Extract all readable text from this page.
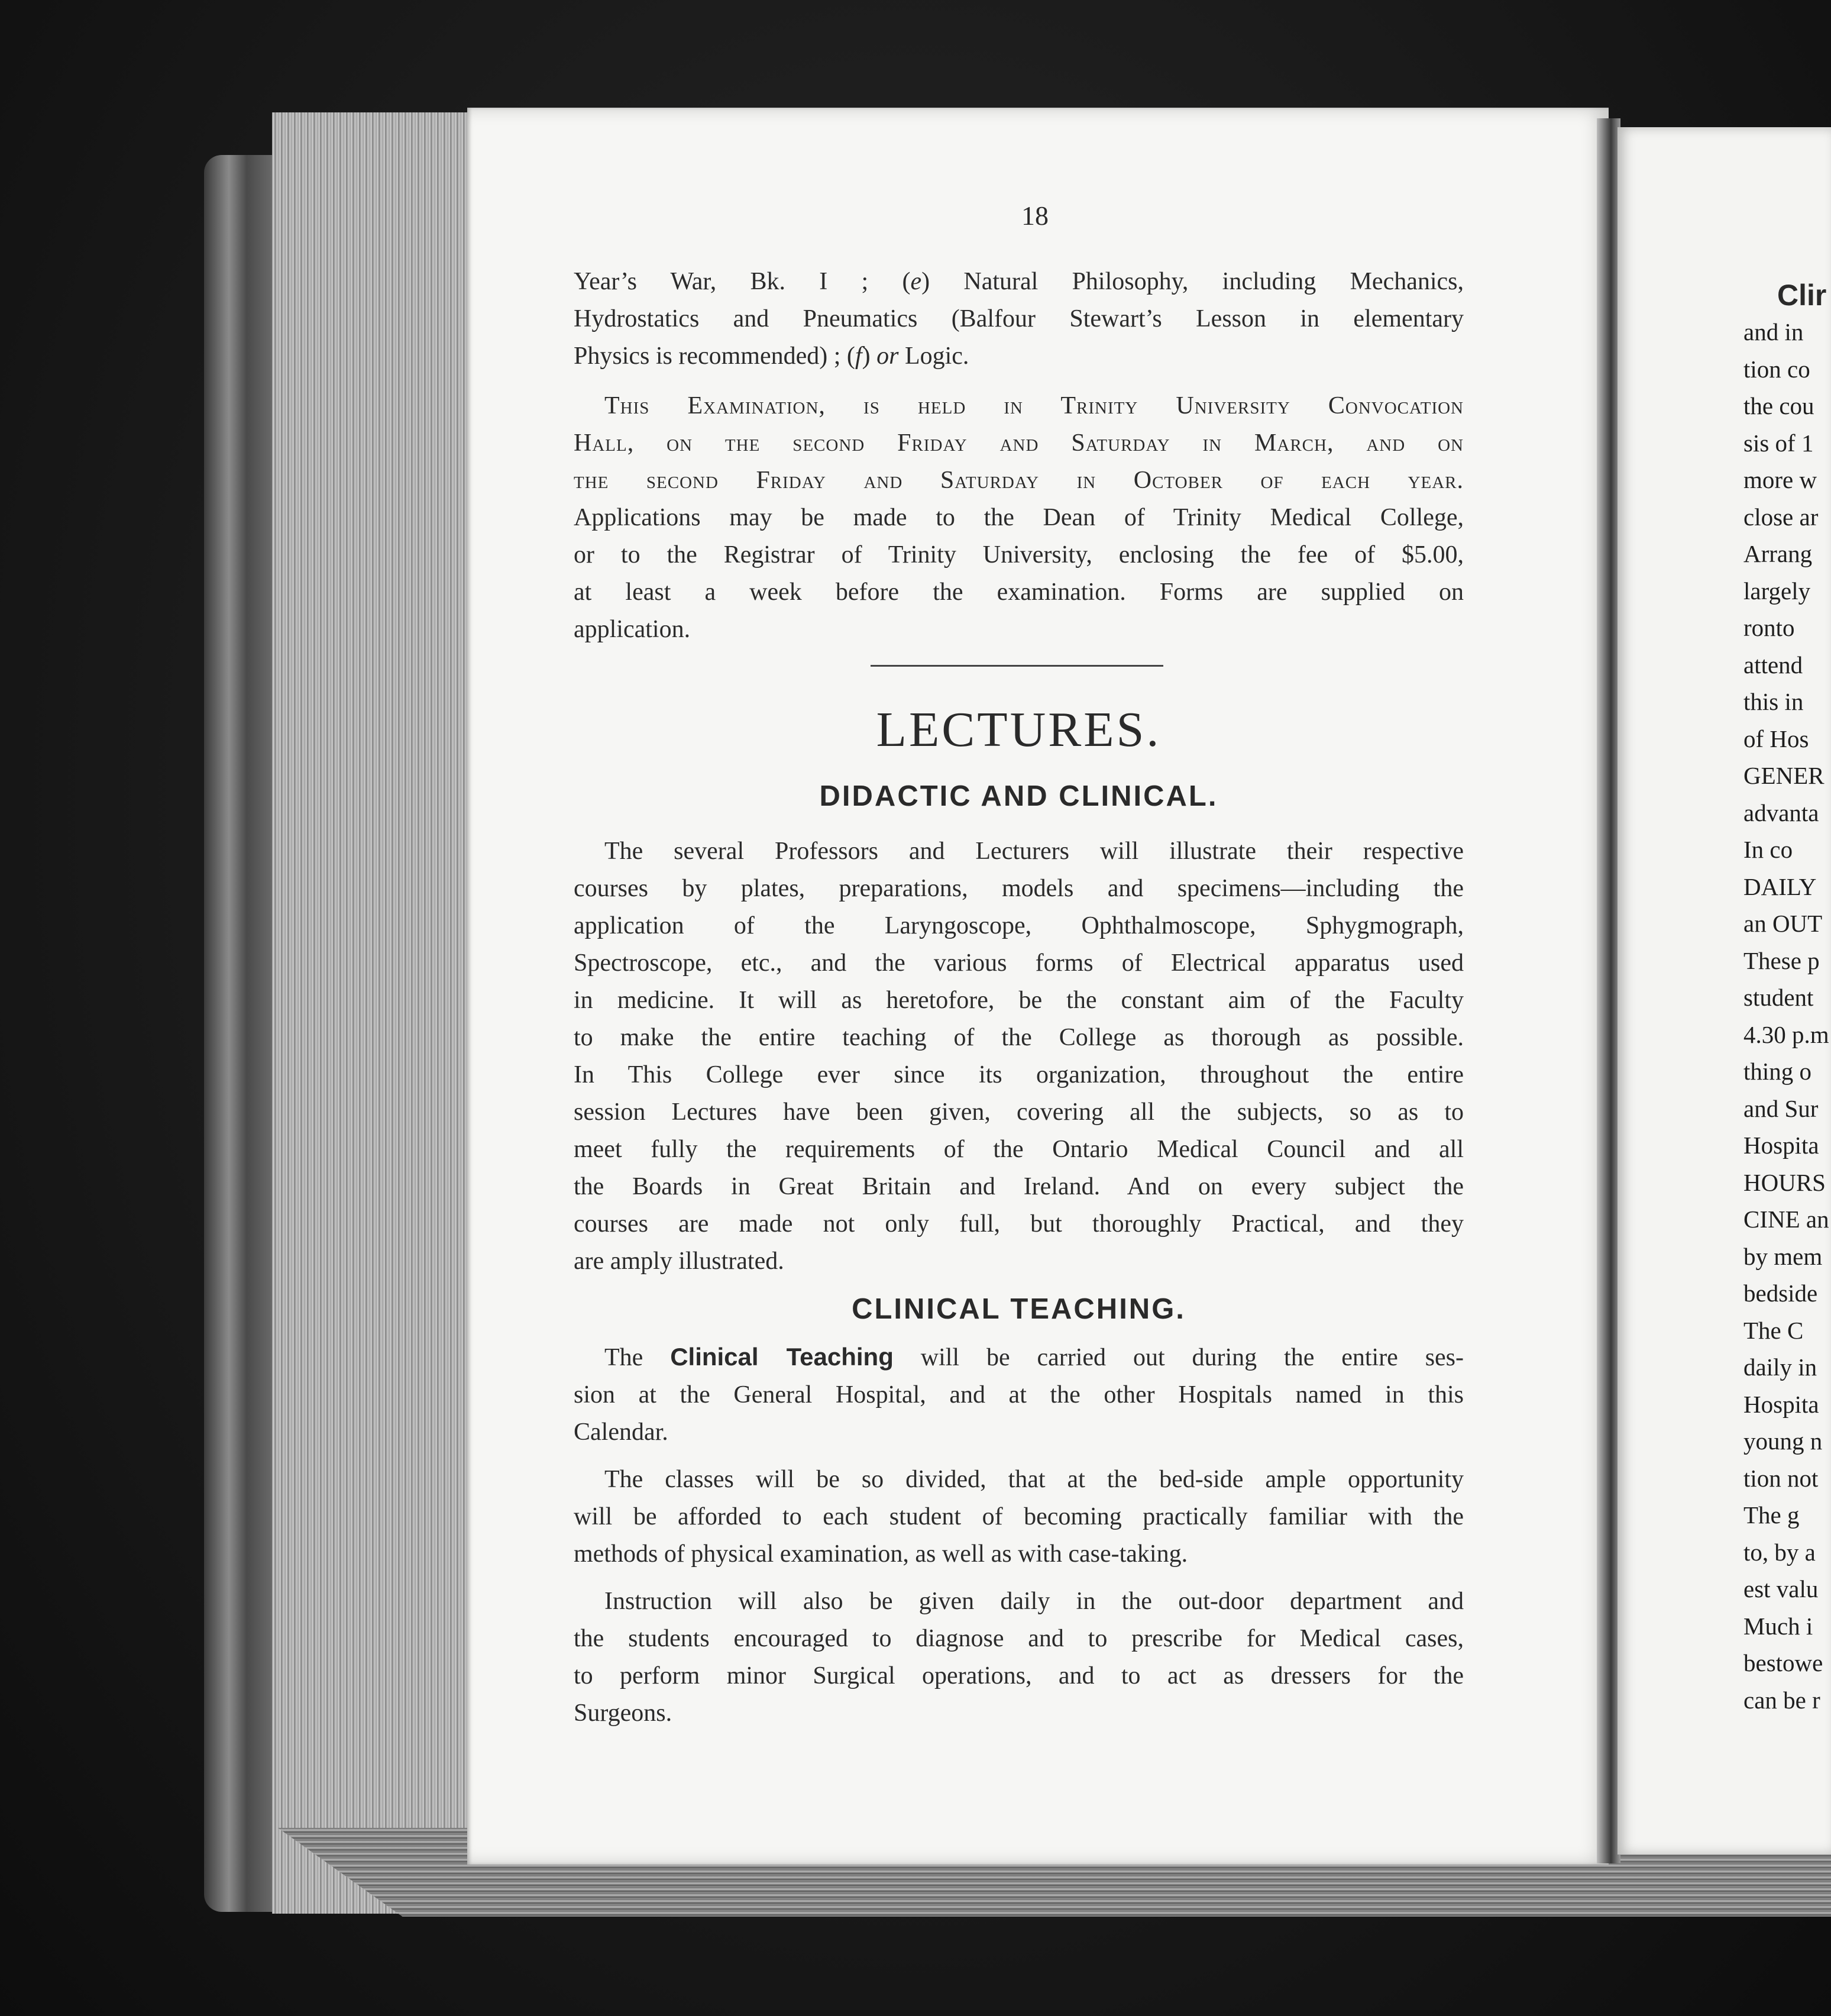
18
Year’s War, Bk. I ; (e) Natural Philosophy, including Mechanics,
Hydrostatics and Pneumatics (Balfour Stewart’s Lesson in elementary
Physics is recommended) ; (f) or Logic.
This Examination, is held in Trinity University Convocation
Hall, on the second Friday and Saturday in March, and on
the second Friday and Saturday in October of each year.
Applications may be made to the Dean of Trinity Medical College,
or to the Registrar of Trinity University, enclosing the fee of $5.00,
at least a week before the examination. Forms are supplied on
application.
LECTURES.
DIDACTIC AND CLINICAL.
The several Professors and Lecturers will illustrate their respective
courses by plates, preparations, models and specimens—including the
application of the Laryngoscope, Ophthalmoscope, Sphygmograph,
Spectroscope, etc., and the various forms of Electrical apparatus used
in medicine. It will as heretofore, be the constant aim of the Faculty
to make the entire teaching of the College as thorough as possible.
In This College ever since its organization, throughout the entire
session Lectures have been given, covering all the subjects, so as to
meet fully the requirements of the Ontario Medical Council and all
the Boards in Great Britain and Ireland. And on every subject the
courses are made not only full, but thoroughly Practical, and they
are amply illustrated.
CLINICAL TEACHING.
The Clinical Teaching will be carried out during the entire ses-
sion at the General Hospital, and at the other Hospitals named in this
Calendar.
The classes will be so divided, that at the bed-side ample opportunity
will be afforded to each student of becoming practically familiar with the
methods of physical examination, as well as with case-taking.
Instruction will also be given daily in the out-door department and
the students encouraged to diagnose and to prescribe for Medical cases,
to perform minor Surgical operations, and to act as dressers for the
Surgeons.
Clir
and in
tion co
the cou
sis of 1
more w
close ar
Arrang
largely
ronto
attend
this in
of Hos
GENER
advanta
In co
DAILY
an OUT
These p
student
4.30 p.m
thing o
and Sur
Hospita
HOURS
CINE an
by mem
bedside
The C
daily in
Hospita
young n
tion not
The g
to, by a
est valu
Much i
bestowe
can be r
